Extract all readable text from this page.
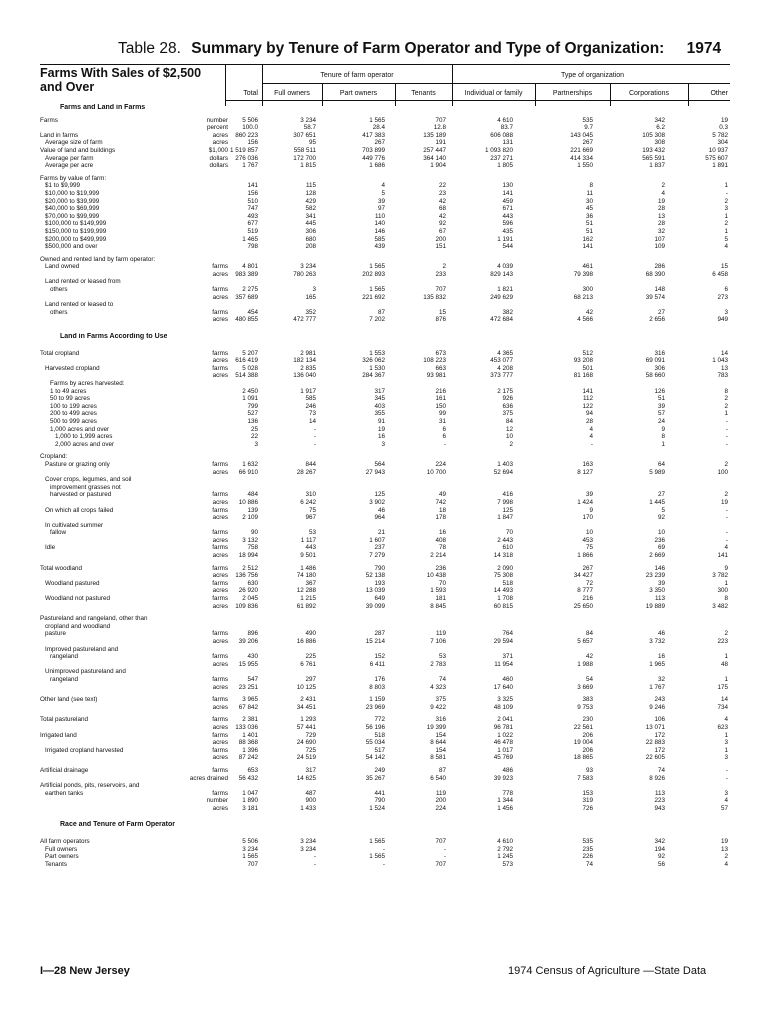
Table 28. Summary by Tenure of Farm Operator and Type of Organization: 1974
Farms With Sales of $2,500 and Over
Tenure of farm operator	Type of organization
Total	Full owners	Part owners	Tenants	Individual or family	Partnerships	Corporations	Other
Farms and Land in Farms
Farms	number	5 506	3 234	1 565	707	4 610	535	342	19
percent	100.0	58.7	28.4	12.8	83.7	9.7	6.2	0.3
Land in farms	acres	860 223	307 651	417 383	135 189	606 088	143 045	105 308	5 782
Average size of farm	acres	156	95	267	191	131	267	308	304
Value of land and buildings	$1,000 1 519 857	558 511	703 899	257 447	1 093 820	221 669	193 432	10 937
Average per farm	dollars	276 036	172 700	449 776	364 140	237 271	414 334	565 591	575 607
Average per acre	dollars	1 767	1 815	1 686	1 904	1 805	1 550	1 837	1 891
Farms by value of farm:
$1 to $9,999	141	115	4	22	130	8	2	1
$10,000 to $19,999	156	128	5	23	141	11	4	-
$20,000 to $39,999	510	429	39	42	459	30	19	2
$40,000 to $69,999	747	582	97	68	671	45	28	3
$70,000 to $99,999	493	341	110	42	443	36	13	1
$100,000 to $149,999	677	445	140	92	596	51	28	2
$150,000 to $199,999	519	306	146	67	435	51	32	1
$200,000 to $499,999	1 465	680	585	200	1 191	162	107	5
$500,000 and over	798	208	439	151	544	141	109	4
Owned and rented land by farm operator:
Land owned	farms	4 801	3 234	1 565	2	4 039	461	286	15
acres	983 389	780 263	202 893	233	829 143	79 398	68 390	6 458
Land rented or leased from
others	farms	2 275	3	1 565	707	1 821	300	148	6
acres	357 689	165	221 692	135 832	249 629	68 213	39 574	273
Land rented or leased to
others	farms	454	352	87	15	382	42	27	3
acres	480 855	472 777	7 202	876	472 684	4 566	2 656	949
Land in Farms According to Use
Total cropland	farms	5 207	2 981	1 553	673	4 365	512	316	14
acres	616 419	182 134	326 062	108 223	453 077	93 208	69 091	1 043
Harvested cropland	farms	5 028	2 835	1 530	663	4 208	501	306	13
acres	514 388	136 040	284 367	93 981	373 777	81 168	58 660	783
Farms by acres harvested:
1 to 49 acres	2 450	1 917	317	216	2 175	141	126	8
50 to 99 acres	1 091	585	345	161	926	112	51	2
100 to 199 acres	799	246	403	150	636	122	39	2
200 to 499 acres	527	73	355	99	375	94	57	1
500 to 999 acres	136	14	91	31	84	28	24	-
1,000 acres and over	25	-	19	6	12	4	9	-
1,000 to 1,999 acres	22	-	16	6	10	4	8	-
2,000 acres and over	3	-	3	-	2	-	1	-
Cropland:
Pasture or grazing only	farms	1 632	844	564	224	1 403	163	64	2
acres	66 910	28 267	27 943	10 700	52 694	8 127	5 989	100
Cover crops, legumes, and soil
improvement grasses not
harvested or pastured	farms	484	310	125	49	416	39	27	2
acres	10 886	6 242	3 902	742	7 998	1 424	1 445	19
On which all crops failed	farms	139	75	46	18	125	9	5	-
acres	2 109	967	964	178	1 847	170	92	-
In cultivated summer
fallow	farms	90	53	21	16	70	10	10	-
acres	3 132	1 117	1 607	408	2 443	453	236	-
Idle	farms	758	443	237	78	610	75	69	4
acres	18 994	9 501	7 279	2 214	14 318	1 866	2 669	141
Total woodland	farms	2 512	1 486	790	236	2 090	267	146	9
acres	136 756	74 180	52 138	10 438	75 308	34 427	23 239	3 782
Woodland pastured	farms	630	367	193	70	518	72	39	1
acres	26 920	12 288	13 039	1 593	14 493	8 777	3 350	300
Woodland not pastured	farms	2 045	1 215	649	181	1 708	216	113	8
acres	109 836	61 892	39 099	8 845	60 815	25 650	19 889	3 482
Pastureland and rangeland, other than
cropland and woodland
pasture	farms	896	490	287	119	764	84	46	2
acres	39 206	16 886	15 214	7 106	29 594	5 657	3 732	223
Improved pastureland and
rangeland	farms	430	225	152	53	371	42	16	1
acres	15 955	6 761	6 411	2 783	11 954	1 988	1 965	48
Unimproved pastureland and
rangeland	farms	547	297	176	74	460	54	32	1
acres	23 251	10 125	8 803	4 323	17 640	3 669	1 767	175
Other land (see text)	farms	3 965	2 431	1 159	375	3 325	383	243	14
acres	67 842	34 451	23 969	9 422	48 109	9 753	9 246	734
Total pastureland	farms	2 381	1 293	772	316	2 041	230	106	4
acres	133 036	57 441	56 196	19 399	96 781	22 561	13 071	623
Irrigated land	farms	1 401	729	518	154	1 022	206	172	1
acres	88 368	24 690	55 034	8 644	46 478	19 004	22 883	3
Irrigated cropland harvested	farms	1 396	725	517	154	1 017	206	172	1
acres	87 242	24 519	54 142	8 581	45 769	18 865	22 605	3
Artificial drainage	farms	653	317	249	87	486	93	74	-
acres drained	56 432	14 625	35 267	6 540	39 923	7 583	8 926	-
Artificial ponds, pits, reservoirs, and
earthen tanks	farms	1 047	487	441	119	778	153	113	3
number	1 890	900	790	200	1 344	319	223	4
acres	3 181	1 433	1 524	224	1 456	726	943	57
Race and Tenure of Farm Operator
All farm operators	5 506	3 234	1 565	707	4 610	535	342	19
Full owners	3 234	3 234	-	-	2 792	235	194	13
Part owners	1 565	-	1 565	-	1 245	226	92	2
Tenants	707	-	-	707	573	74	56	4
I—28 New Jersey	1974 Census of Agriculture —State Data
